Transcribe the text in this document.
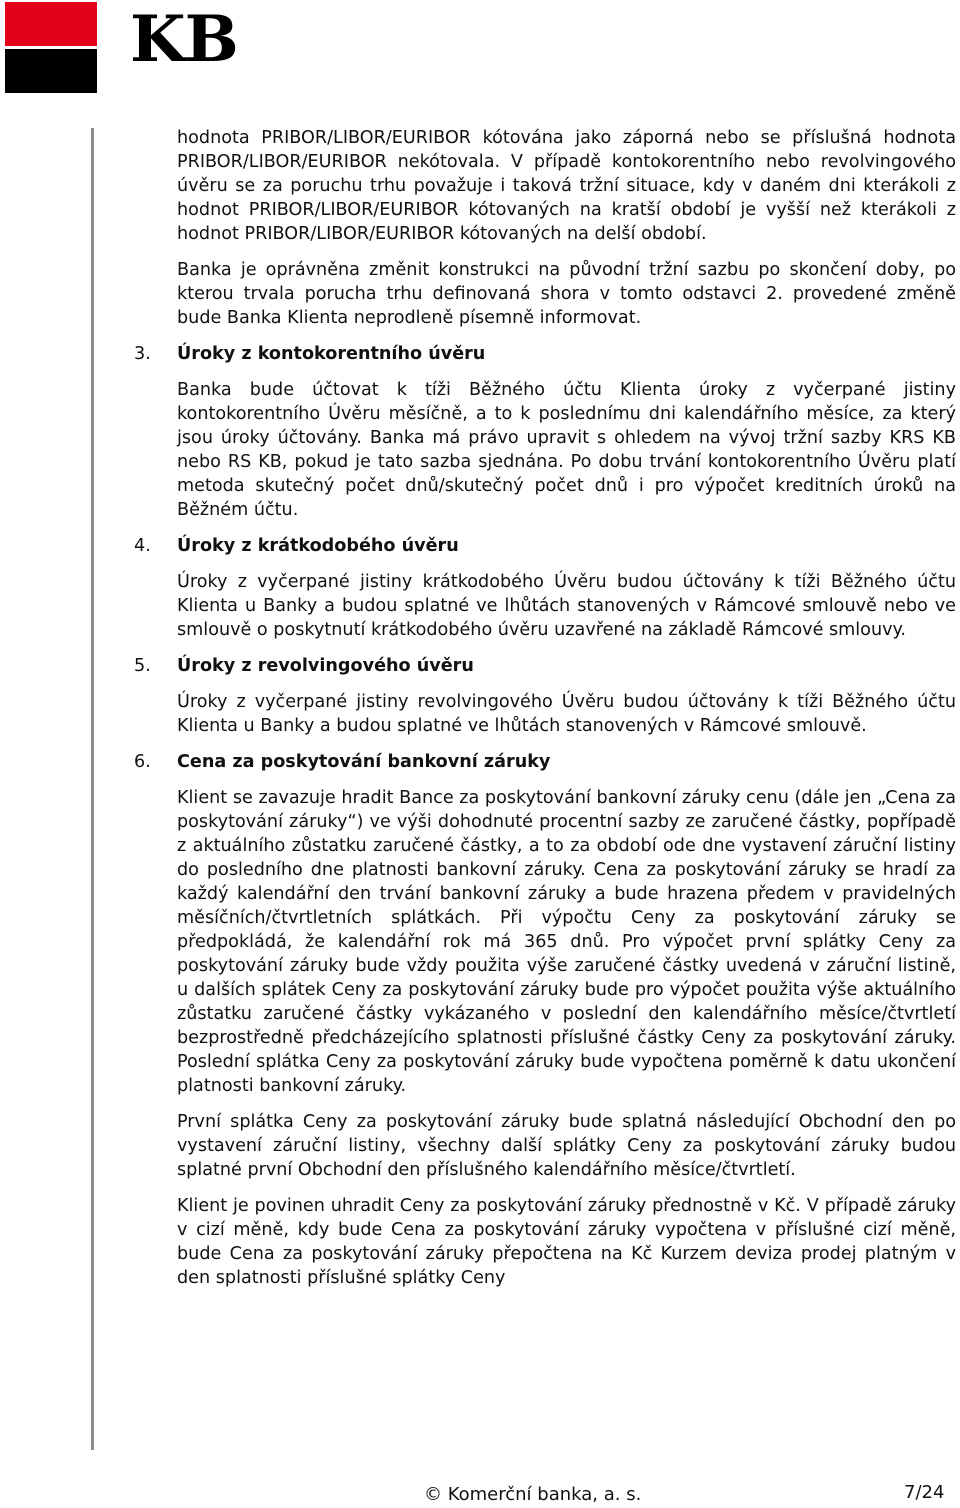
KB

hodnota PRIBOR/LIBOR/EURIBOR kótována jako záporná nebo se příslušná hodnota PRIBOR/LIBOR/EURIBOR nekótovala. V případě kontokorentního nebo revolvingového úvěru se za poruchu trhu považuje i taková tržní situace, kdy v daném dni kterákoli z hodnot PRIBOR/LIBOR/EURIBOR kótovaných na kratší období je vyšší než kterákoli z hodnot PRIBOR/LIBOR/EURIBOR kótovaných na delší období.

Banka je oprávněna změnit konstrukci na původní tržní sazbu po skončení doby, po kterou trvala porucha trhu definovaná shora v tomto odstavci 2. provedené změně bude Banka Klienta neprodleně písemně informovat.

3. Úroky z kontokorentního úvěru

Banka bude účtovat k tíži Běžného účtu Klienta úroky z vyčerpané jistiny kontokorentního Úvěru měsíčně, a to k poslednímu dni kalendářního měsíce, za který jsou úroky účtovány. Banka má právo upravit s ohledem na vývoj tržní sazby KRS KB nebo RS KB, pokud je tato sazba sjednána. Po dobu trvání kontokorentního Úvěru platí metoda skutečný počet dnů/skutečný počet dnů i pro výpočet kreditních úroků na Běžném účtu.

4. Úroky z krátkodobého úvěru

Úroky z vyčerpané jistiny krátkodobého Úvěru budou účtovány k tíži Běžného účtu Klienta u Banky a budou splatné ve lhůtách stanovených v Rámcové smlouvě nebo ve smlouvě o poskytnutí krátkodobého úvěru uzavřené na základě Rámcové smlouvy.

5. Úroky z revolvingového úvěru

Úroky z vyčerpané jistiny revolvingového Úvěru budou účtovány k tíži Běžného účtu Klienta u Banky a budou splatné ve lhůtách stanovených v Rámcové smlouvě.

6. Cena za poskytování bankovní záruky

Klient se zavazuje hradit Bance za poskytování bankovní záruky cenu (dále jen „Cena za poskytování záruky“) ve výši dohodnuté procentní sazby ze zaručené částky, popřípadě z aktuálního zůstatku zaručené částky, a to za období ode dne vystavení záruční listiny do posledního dne platnosti bankovní záruky. Cena za poskytování záruky se hradí za každý kalendářní den trvání bankovní záruky a bude hrazena předem v pravidelných měsíčních/čtvrtletních splátkách. Při výpočtu Ceny za poskytování záruky se předpokládá, že kalendářní rok má 365 dnů. Pro výpočet první splátky Ceny za poskytování záruky bude vždy použita výše zaručené částky uvedená v záruční listině, u dalších splátek Ceny za poskytování záruky bude pro výpočet použita výše aktuálního zůstatku zaručené částky vykázaného v poslední den kalendářního měsíce/čtvrtletí bezprostředně předcházejícího splatnosti příslušné částky Ceny za poskytování záruky. Poslední splátka Ceny za poskytování záruky bude vypočtena poměrně k datu ukončení platnosti bankovní záruky.

První splátka Ceny za poskytování záruky bude splatná následující Obchodní den po vystavení záruční listiny, všechny další splátky Ceny za poskytování záruky budou splatné první Obchodní den příslušného kalendářního měsíce/čtvrtletí.

Klient je povinen uhradit Ceny za poskytování záruky přednostně v Kč. V případě záruky v cizí měně, kdy bude Cena za poskytování záruky vypočtena v příslušné cizí měně, bude Cena za poskytování záruky přepočtena na Kč Kurzem deviza prodej platným v den splatnosti příslušné splátky Ceny

© Komerční banka, a. s.	7/24
